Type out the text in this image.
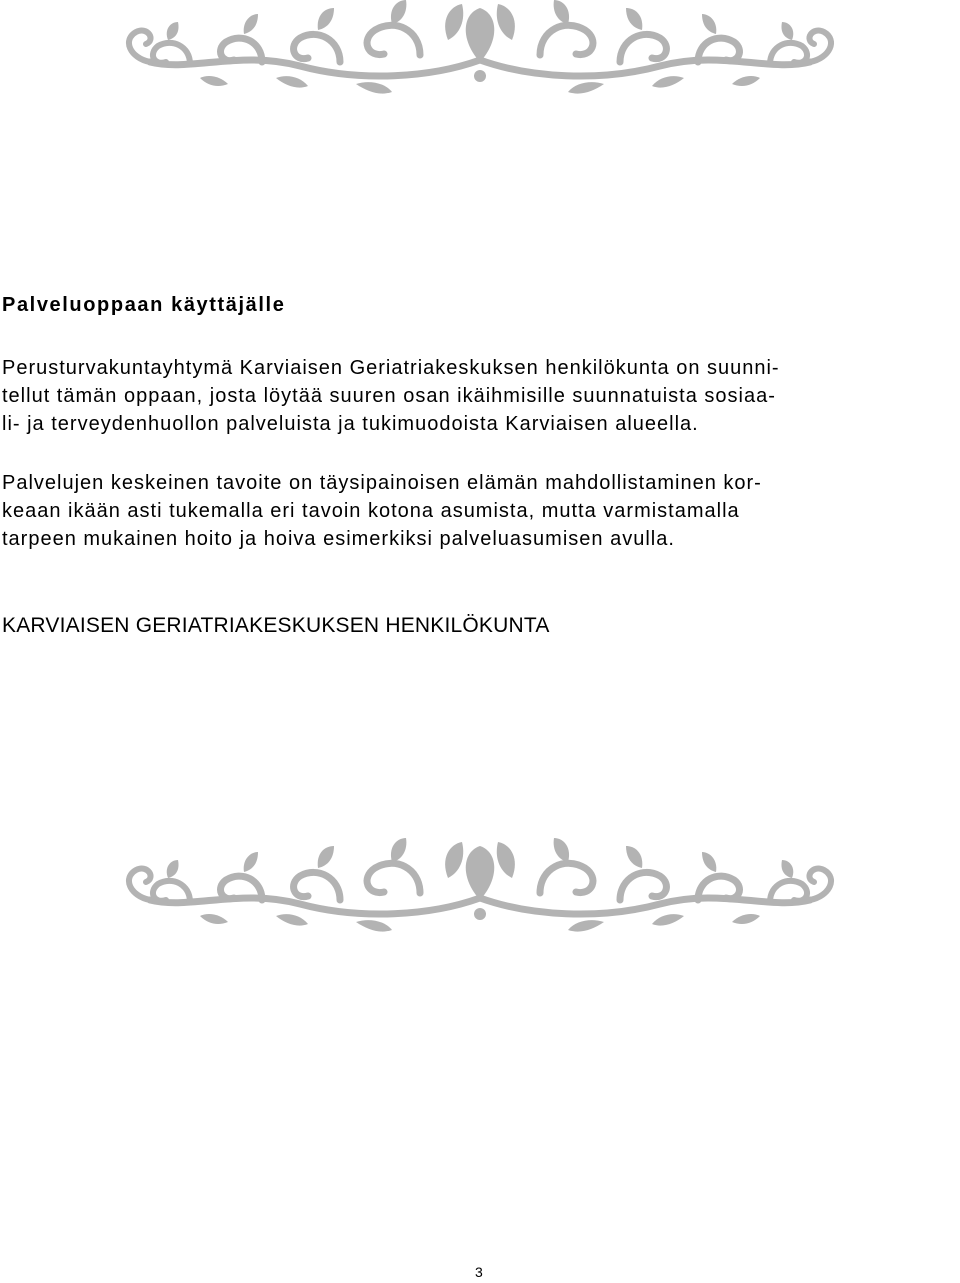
Palveluoppaan käyttäjälle

Perusturvakuntayhtymä Karviaisen Geriatriakeskuksen henkilökunta on suunni-
tellut tämän oppaan, josta löytää suuren osan ikäihmisille suunnatuista sosiaa-
li- ja terveydenhuollon palveluista ja tukimuodoista Karviaisen alueella.

Palvelujen keskeinen tavoite on täysipainoisen elämän mahdollistaminen kor-
keaan ikään asti tukemalla eri tavoin kotona asumista, mutta varmistamalla
tarpeen mukainen hoito ja hoiva esimerkiksi palveluasumisen avulla.

KARVIAISEN GERIATRIAKESKUKSEN HENKILÖKUNTA

3
